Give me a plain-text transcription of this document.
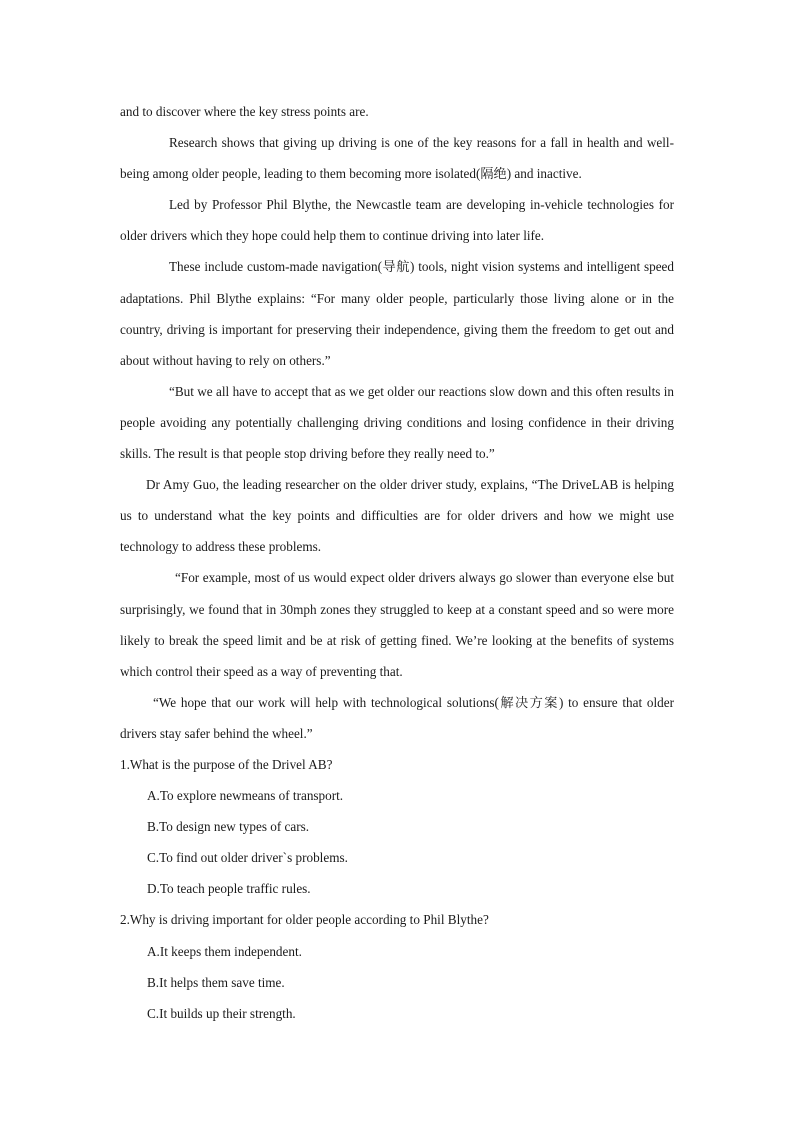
and to discover where the key stress points are.

Research shows that giving up driving is one of the key reasons for a fall in health and well-being among older people, leading to them becoming more isolated(隔绝) and inactive.

Led by Professor Phil Blythe, the Newcastle team are developing in-vehicle technologies for older drivers which they hope could help them to continue driving into later life.

These include custom-made navigation(导航) tools, night vision systems and intelligent speed adaptations. Phil Blythe explains: “For many older people, particularly those living alone or in the country, driving is important for preserving their independence, giving them the freedom to get out and about without having to rely on others.”

“But we all have to accept that as we get older our reactions slow down and this often results in people avoiding any potentially challenging driving conditions and losing confidence in their driving skills. The result is that people stop driving before they really need to.”

Dr Amy Guo, the leading researcher on the older driver study, explains, “The DriveLAB is helping us to understand what the key points and difficulties are for older drivers and how we might use technology to address these problems.

“For example, most of us would expect older drivers always go slower than everyone else but surprisingly, we found that in 30mph zones they struggled to keep at a constant speed and so were more likely to break the speed limit and be at risk of getting fined. We’re looking at the benefits of systems which control their speed as a way of preventing that.

“We hope that our work will help with technological solutions(解决方案) to ensure that older drivers stay safer behind the wheel.”

1.What is the purpose of the Drivel AB?

A.To explore newmeans of transport.
B.To design new types of cars.
C.To find out older driver`s problems.
D.To teach people traffic rules.

2.Why is driving important for older people according to Phil Blythe?

A.It keeps them independent.
B.It helps them save time.
C.It builds up their strength.
